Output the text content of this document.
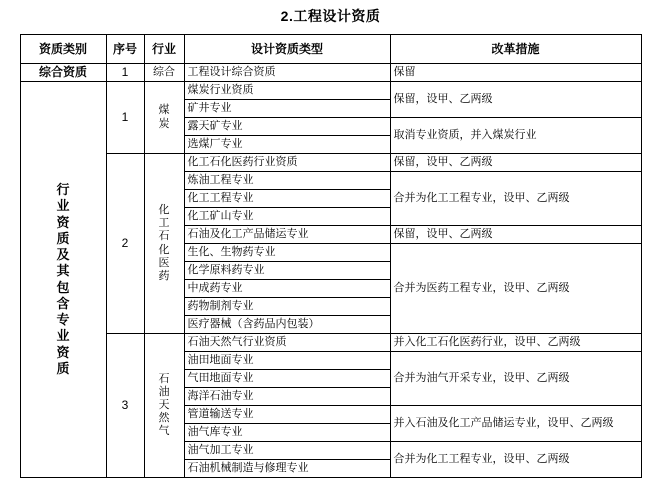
2.工程设计资质
资质类别	序号	行业	设计资质类型	改革措施
综合资质	1	综合	工程设计综合资质	保留

行业资质及其包含专业资质	1	煤炭	煤炭行业资质	保留，设甲、乙两级
			矿井专业	
			露天矿专业	取消专业资质，并入煤炭行业
			选煤厂专业	
	2	化工石化医药	化工石化医药行业资质	保留，设甲、乙两级
			炼油工程专业	合并为化工工程专业，设甲、乙两级
			化工工程专业	
			化工矿山专业	
			石油及化工产品储运专业	保留，设甲、乙两级
			生化、生物药专业	合并为医药工程专业，设甲、乙两级
			化学原料药专业	
			中成药专业	
			药物制剂专业	
			医疗器械（含药品内包装）	
	3	石油天然气	石油天然气行业资质	并入化工石化医药行业，设甲、乙两级
			油田地面专业	合并为油气开采专业，设甲、乙两级
			气田地面专业	
			海洋石油专业	
			管道输送专业	并入石油及化工产品储运专业，设甲、乙两级
			油气库专业	
			油气加工专业	合并为化工工程专业，设甲、乙两级
			石油机械制造与修理专业	
